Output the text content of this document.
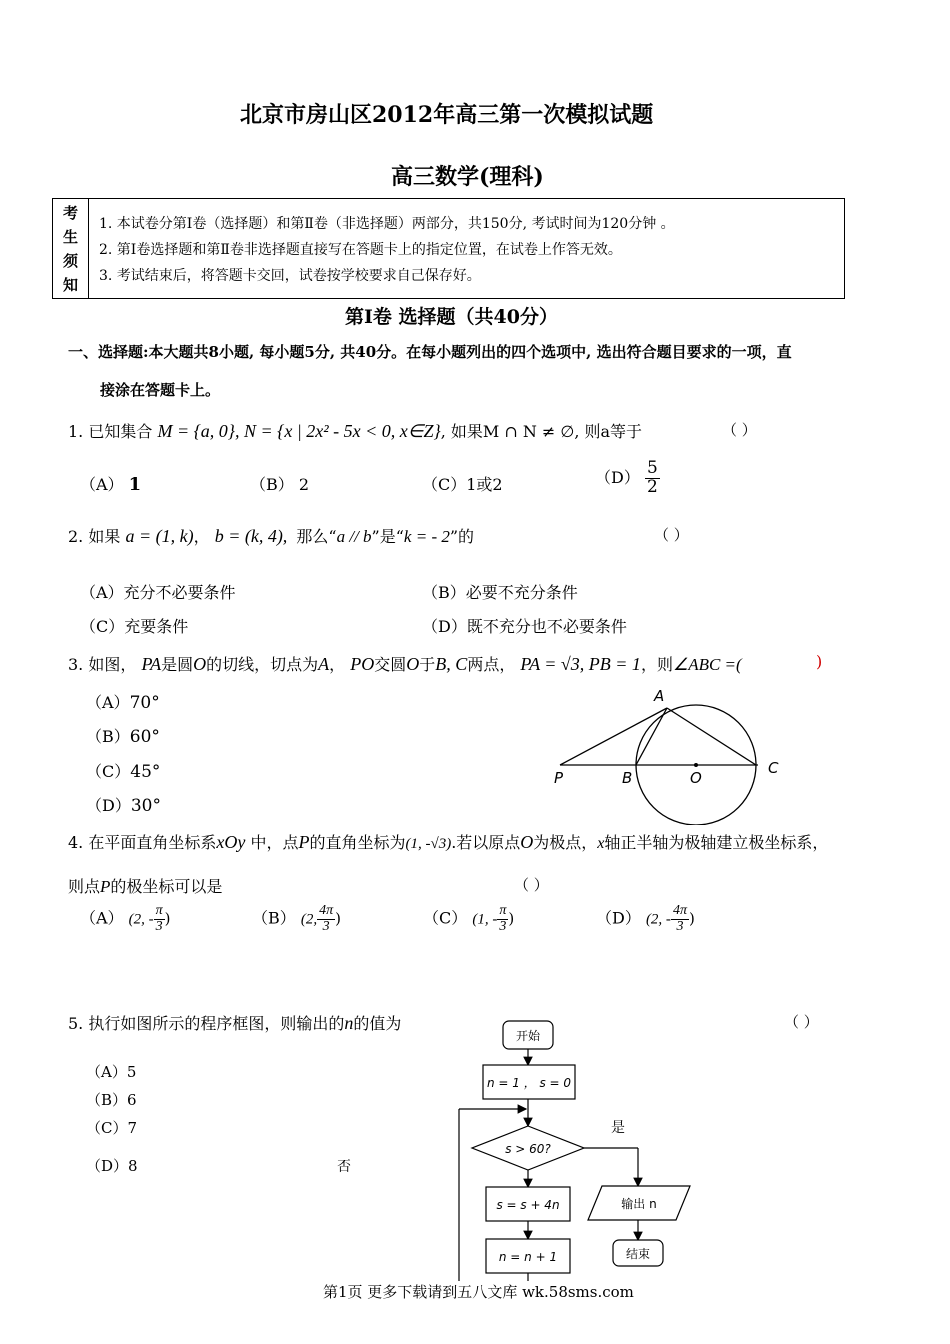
北京市房山区2012年高三第一次模拟试题
高三数学(理科)
考
生
须
知
1. 本试卷分第Ⅰ卷（选择题）和第Ⅱ卷（非选择题）两部分，共150分, 考试时间为120分钟 。
2. 第Ⅰ卷选择题和第Ⅱ卷非选择题直接写在答题卡上的指定位置，在试卷上作答无效。
3. 考试结束后，将答题卡交回，试卷按学校要求自己保存好。
第Ⅰ卷 选择题（共40分）
一、选择题:本大题共8小题, 每小题5分, 共40分。在每小题列出的四个选项中, 选出符合题目要求的一项，直
接涂在答题卡上。
1. 已知集合 M = {a, 0}, N = {x | 2x² - 5x < 0, x∈Z}, 如果M ∩ N ≠ ∅, 则a等于	（ ）
（A） 1	（B） 2	（C）1或2	$(D) \frac{5}{2}$
2. 如果 a = (1, k)， b = (k, 4), 那么“a // b”是“k = - 2”的	（ ）
（A）充分不必要条件	（B）必要不充分条件
（C）充要条件	（D）既不充分也不必要条件
3. 如图， PA是圆O的切线，切点为A， PO交圆O于B, C两点， PA = √3, PB = 1，则∠ABC =(	)
（A）70°
（B）60°
（C）45°
（D）30°
A
P	B	O
C
4. 在平面直角坐标系xOy 中，点P的直角坐标为(1, -√3).若以原点O为极点，x轴正半轴为极轴建立极坐标系，
则点P的极坐标可以是	（ ）
（A） (2, - $\frac{\pi}{3}$ )	（B） (2, $\frac{4\pi}{3}$ )	（C） (1, - $\frac{\pi}{3}$ )	（D） (2, - $\frac{4\pi}{3}$ )
5. 执行如图所示的程序框图，则输出的n的值为	（ ）
（A）5
（B）6
（C）7
（D）8	否
是
开始
n = 1 ， s = 0
s > 60?
输出 n
结束
s = s + 4n
n = n + 1
第1页 更多下载请到五八文库 wk.58sms.com
